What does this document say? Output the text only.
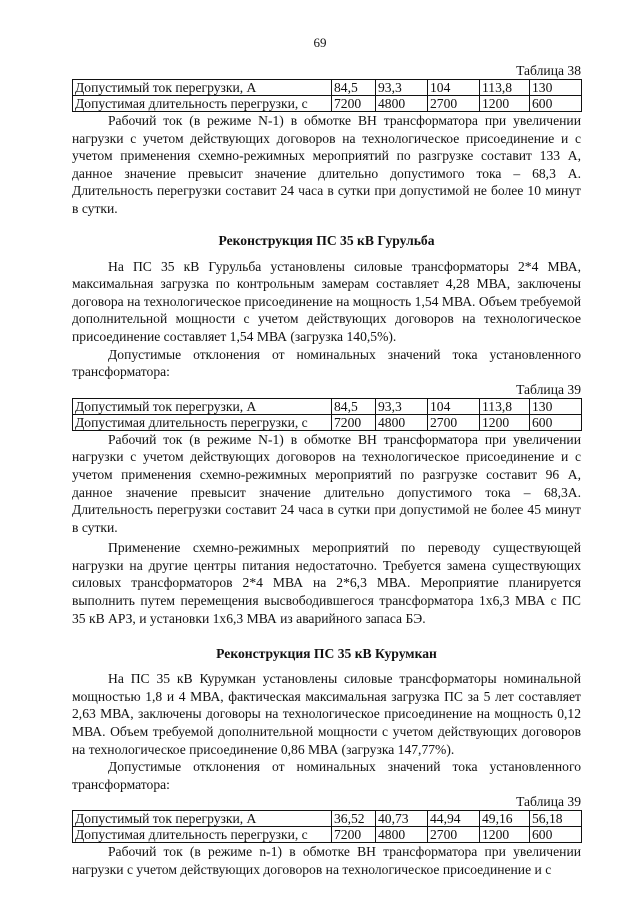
69
Таблица 38
Допустимый ток перегрузки, А	84,5	93,3	104	113,8	130
Допустимая длительность перегрузки, с	7200	4800	2700	1200	600

Рабочий ток (в режиме N-1) в обмотке ВН трансформатора при увеличении нагрузки с учетом действующих договоров на технологическое присоединение и с учетом применения схемно-режимных мероприятий по разгрузке составит 133 А, данное значение превысит значение длительно допустимого тока – 68,3 А. Длительность перегрузки составит 24 часа в сутки при допустимой не более 10 минут в сутки.

Реконструкция ПС 35 кВ Гурульба

На ПС 35 кВ Гурульба установлены силовые трансформаторы 2*4 МВА, максимальная загрузка по контрольным замерам составляет 4,28 МВА, заключены договора на технологическое присоединение на мощность 1,54 МВА. Объем требуемой дополнительной мощности с учетом действующих договоров на технологическое присоединение составляет 1,54 МВА (загрузка 140,5%).

Допустимые отклонения от номинальных значений тока установленного трансформатора:

Таблица 39
Допустимый ток перегрузки, А	84,5	93,3	104	113,8	130
Допустимая длительность перегрузки, с	7200	4800	2700	1200	600

Рабочий ток (в режиме N-1) в обмотке ВН трансформатора при увеличении нагрузки с учетом действующих договоров на технологическое присоединение и с учетом применения схемно-режимных мероприятий по разгрузке составит 96 А, данное значение превысит значение длительно допустимого тока – 68,3А. Длительность перегрузки составит 24 часа в сутки при допустимой не более 45 минут в сутки.

Применение схемно-режимных мероприятий по переводу существующей нагрузки на другие центры питания недостаточно. Требуется замена существующих силовых трансформаторов 2*4 МВА на 2*6,3 МВА. Мероприятие планируется выполнить путем перемещения высвободившегося трансформатора 1х6,3 МВА с ПС 35 кВ АРЗ, и установки 1х6,3 МВА из аварийного запаса БЭ.

Реконструкция ПС 35 кВ Курумкан

На ПС 35 кВ Курумкан установлены силовые трансформаторы номинальной мощностью 1,8 и 4 МВА, фактическая максимальная загрузка ПС за 5 лет составляет 2,63 МВА, заключены договоры на технологическое присоединение на мощность 0,12 МВА. Объем требуемой дополнительной мощности с учетом действующих договоров на технологическое присоединение 0,86 МВА (загрузка 147,77%).

Допустимые отклонения от номинальных значений тока установленного трансформатора:

Таблица 39
Допустимый ток перегрузки, А	36,52	40,73	44,94	49,16	56,18
Допустимая длительность перегрузки, с	7200	4800	2700	1200	600

Рабочий ток (в режиме n-1) в обмотке ВН трансформатора при увеличении нагрузки с учетом действующих договоров на технологическое присоединение и с
